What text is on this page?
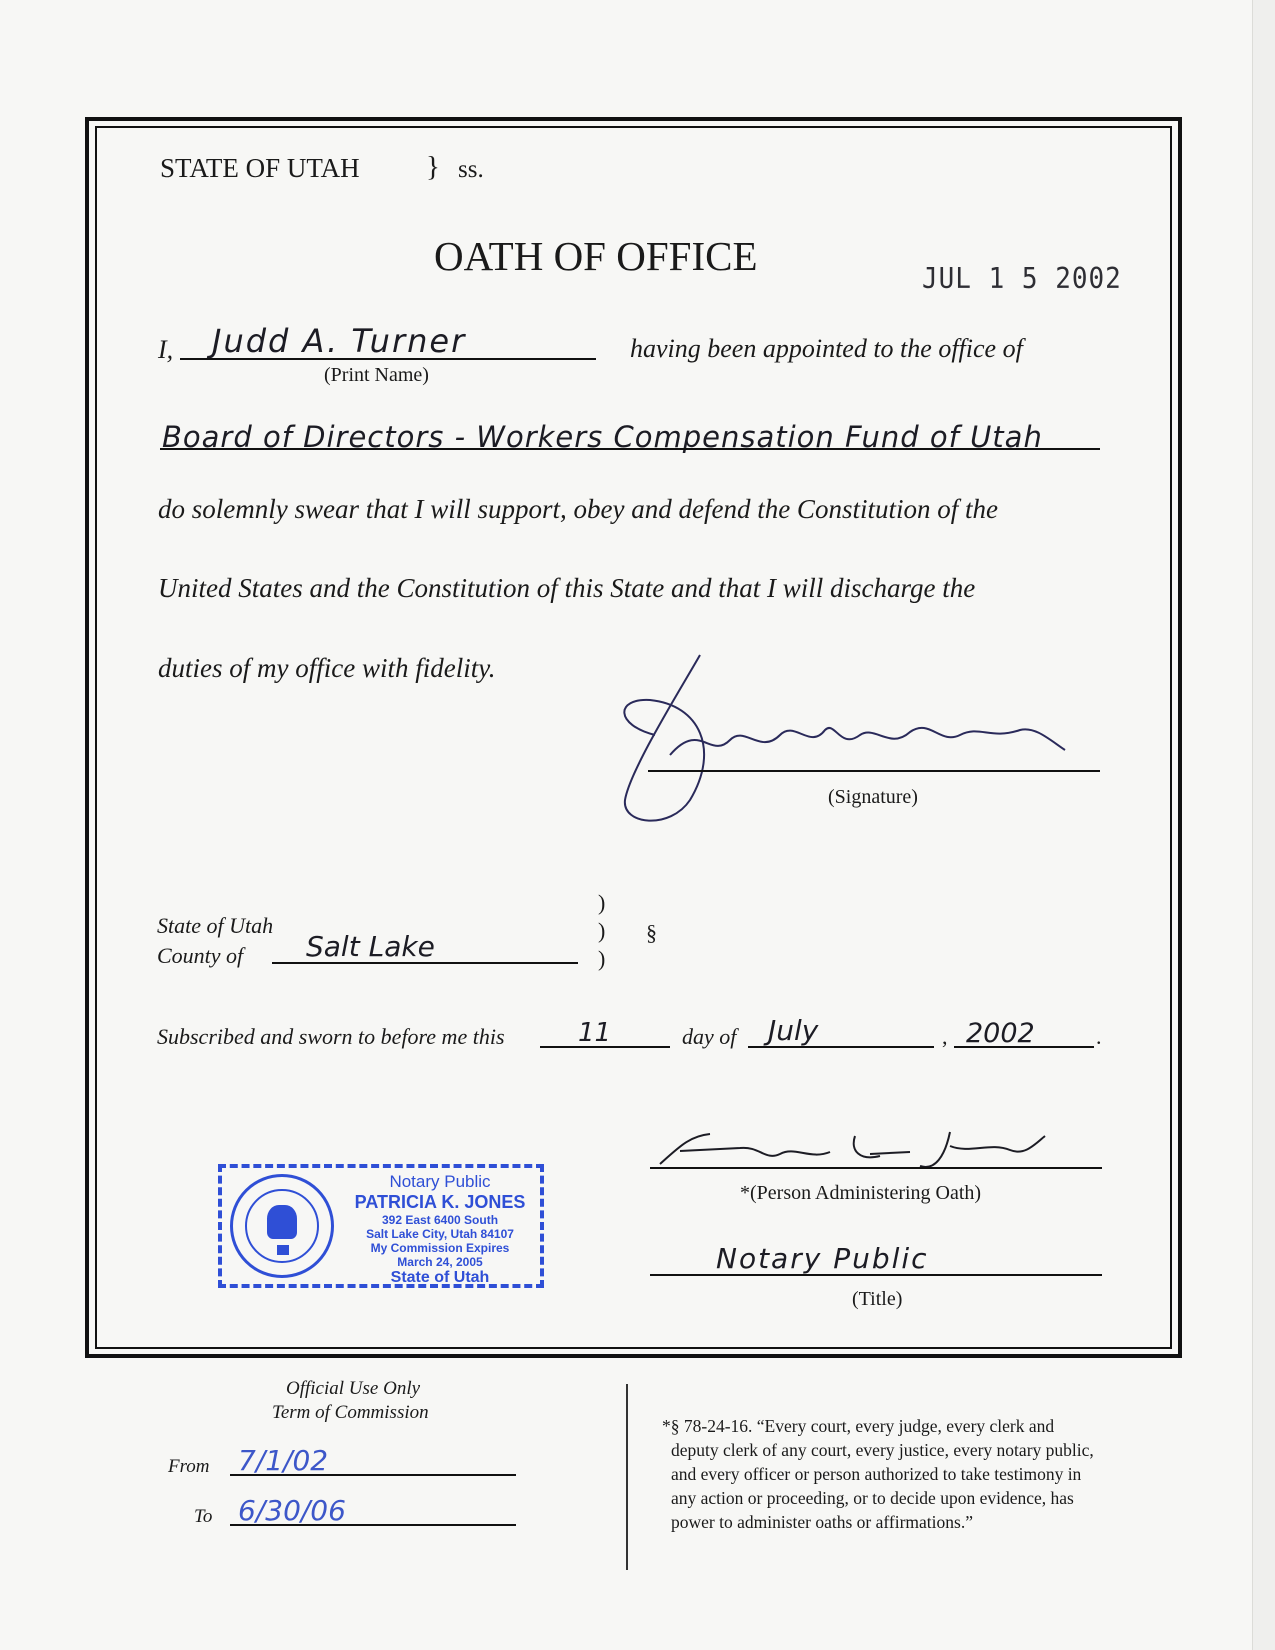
STATE OF UTAH } ss.
OATH OF OFFICE	JUL 1 5 2002
I, Judd A. Turner
(Print Name)
having been appointed to the office of
Board of Directors - Workers Compensation Fund of Utah
do solemnly swear that I will support, obey and defend the Constitution of the
United States and the Constitution of this State and that I will discharge the
duties of my office with fidelity.
(Signature)
State of Utah
County of Salt Lake
)
)
)
§
Subscribed and sworn to before me this	11	day of July	, 2002	.
*(Person Administering Oath)
Notary Public
(Title)
Notary Public
PATRICIA K. JONES
392 East 6400 South
Salt Lake City, Utah 84107
My Commission Expires
March 24, 2005
State of Utah
Official Use Only
Term of Commission
From 7/1/02
To 6/30/06
*§ 78-24-16. “Every court, every judge, every clerk and
deputy clerk of any court, every justice, every notary public,
and every officer or person authorized to take testimony in
any action or proceeding, or to decide upon evidence, has
power to administer oaths or affirmations.”
